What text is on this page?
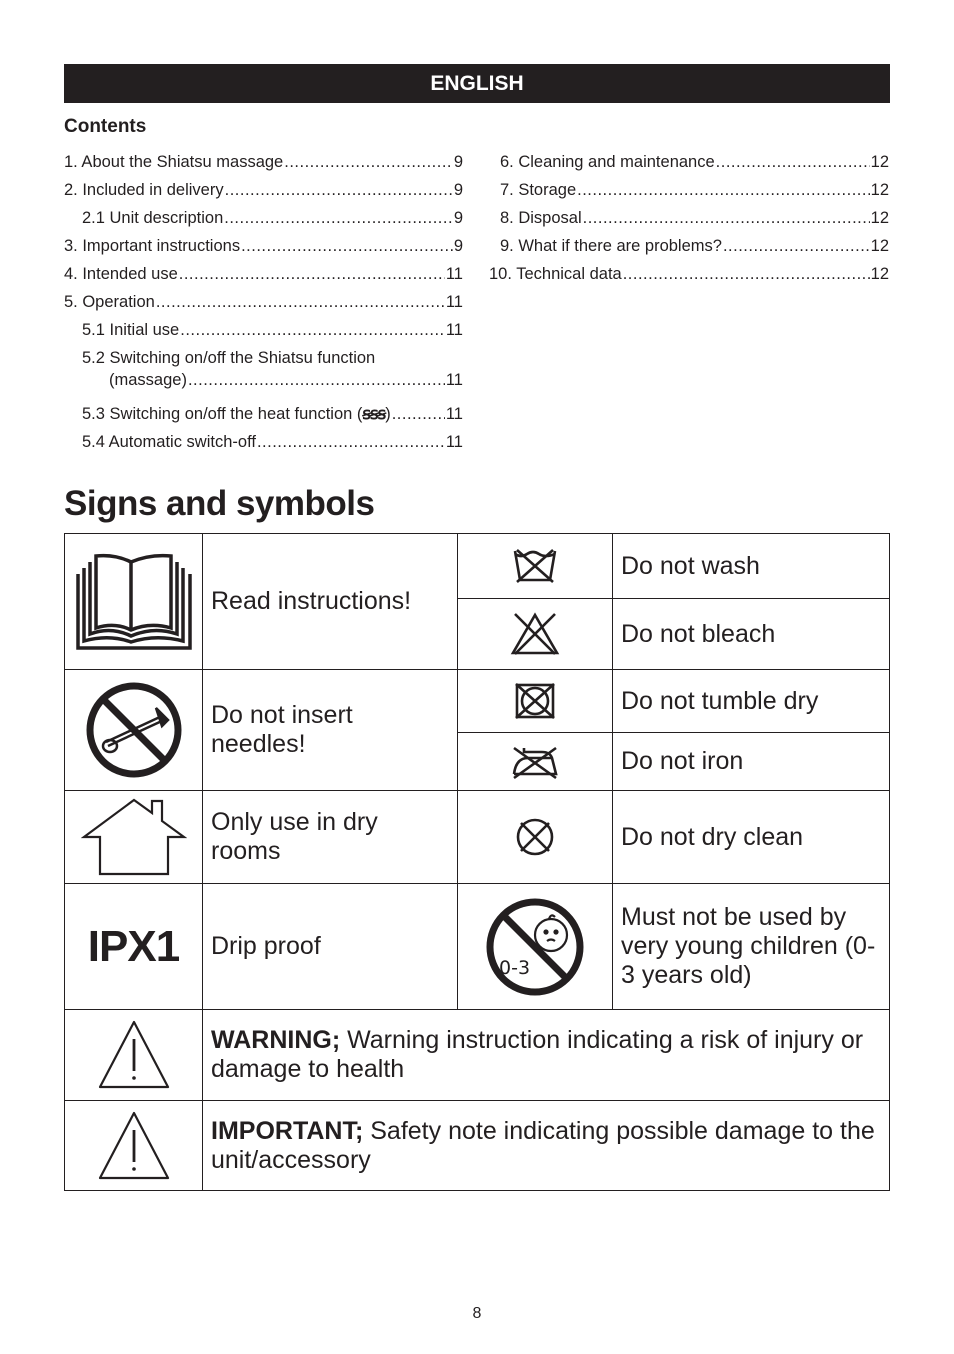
ENGLISH
Contents
1. About the Shiatsu massage .....	9
2. Included in delivery .....	9
2.1 Unit description .....	9
3. Important instructions .....	9
4. Intended use .....	11
5. Operation .....	11
5.1 Initial use .....	11
5.2 Switching on/off the Shiatsu function
(massage) .....	11
5.3 Switching on/off the heat function (ꞩꞩꞩ) .....	11
5.4 Automatic switch-off .....	11
6. Cleaning and maintenance .....	12
7. Storage .....	12
8. Disposal .....	12
9. What if there are problems? .....	12
10. Technical data .....	12
Signs and symbols
	Read instructions!		Do not wash

	Do not bleach

	Do not insert needles!		Do not tumble dry

	Do not iron

	Only use in dry rooms		Do not dry clean
IPX1	Drip proof	0-3	Must not be used by very young children (0-3 years old)

	WARNING; Warning instruction indicating a risk of injury or damage to health		

	IMPORTANT; Safety note indicating possible damage to the unit/accessory		
8
